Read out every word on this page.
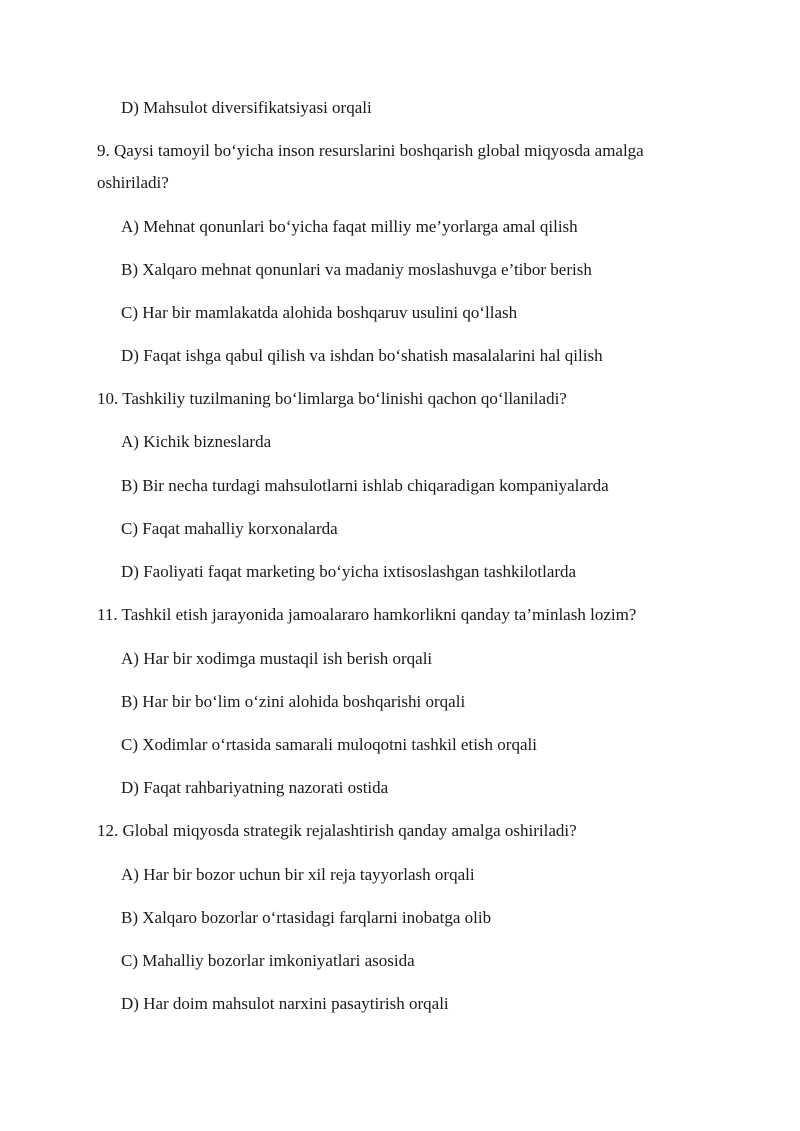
D) Mahsulot diversifikatsiyasi orqali
9. Qaysi tamoyil bo‘yicha inson resurslarini boshqarish global miqyosda amalga oshiriladi?
A) Mehnat qonunlari bo‘yicha faqat milliy me’yorlarga amal qilish
B) Xalqaro mehnat qonunlari va madaniy moslashuvga e’tibor berish
C) Har bir mamlakatda alohida boshqaruv usulini qo‘llash
D) Faqat ishga qabul qilish va ishdan bo‘shatish masalalarini hal qilish
10. Tashkiliy tuzilmaning bo‘limlarga bo‘linishi qachon qo‘llaniladi?
A) Kichik bizneslarda
B) Bir necha turdagi mahsulotlarni ishlab chiqaradigan kompaniyalarda
C) Faqat mahalliy korxonalarda
D) Faoliyati faqat marketing bo‘yicha ixtisoslashgan tashkilotlarda
11. Tashkil etish jarayonida jamoalararo hamkorlikni qanday ta’minlash lozim?
A) Har bir xodimga mustaqil ish berish orqali
B) Har bir bo‘lim o‘zini alohida boshqarishi orqali
C) Xodimlar o‘rtasida samarali muloqotni tashkil etish orqali
D) Faqat rahbariyatning nazorati ostida
12. Global miqyosda strategik rejalashtirish qanday amalga oshiriladi?
A) Har bir bozor uchun bir xil reja tayyorlash orqali
B) Xalqaro bozorlar o‘rtasidagi farqlarni inobatga olib
C) Mahalliy bozorlar imkoniyatlari asosida
D) Har doim mahsulot narxini pasaytirish orqali
